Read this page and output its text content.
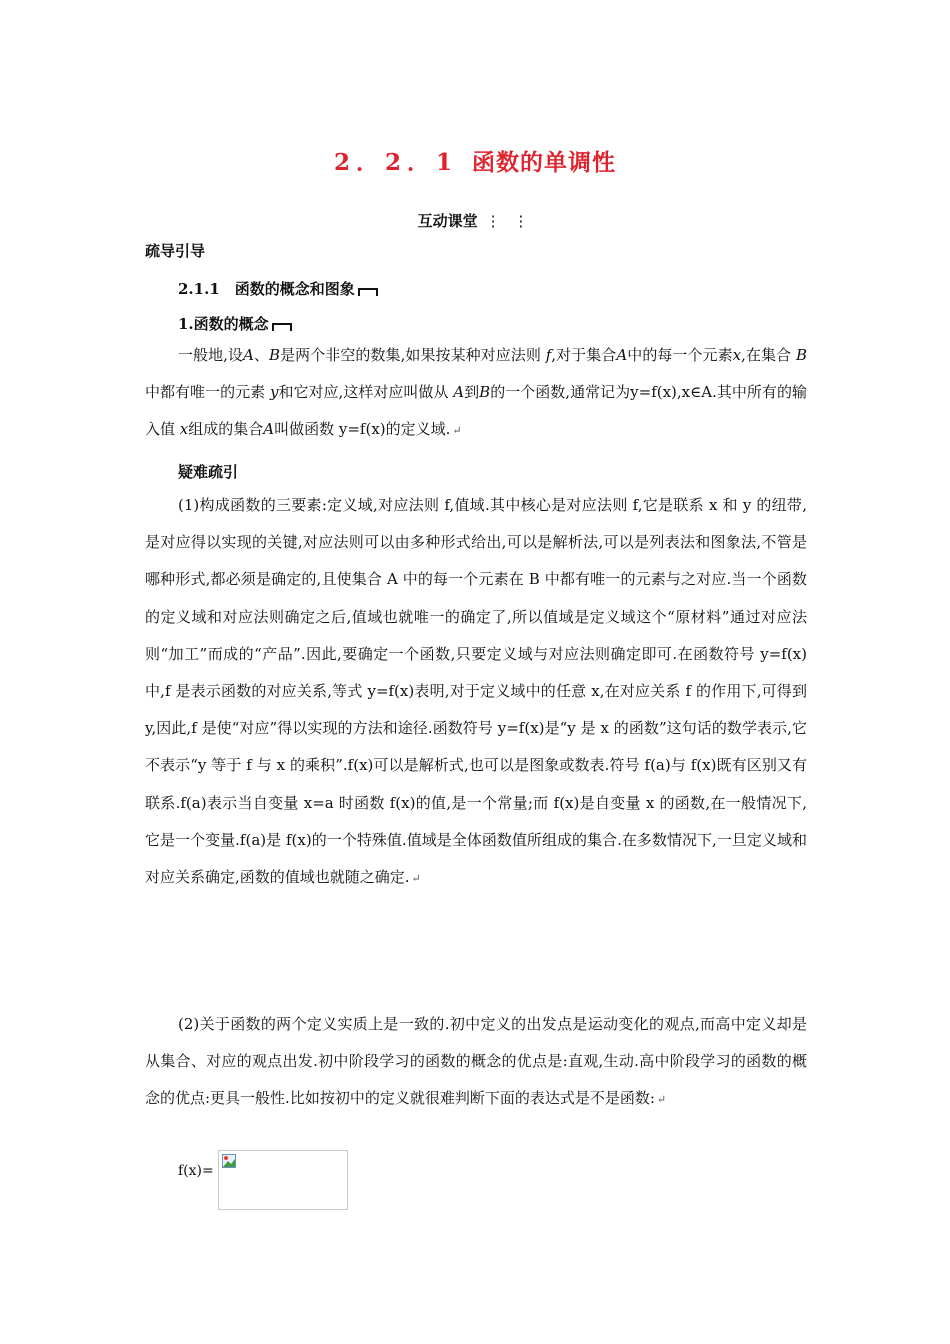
2．2．1 函数的单调性
互动课堂 ⋮ ⋮
疏导引导
2.1.1　函数的概念和图象
1.函数的概念

一般地,设A、B是两个非空的数集,如果按某种对应法则 f,对于集合A中的每一个元素x,在集合 B中都有唯一的元素 y和它对应,这样对应叫做从 A到B的一个函数,通常记为y=f(x),x∈A.其中所有的输入值 x组成的集合A叫做函数 y=f(x)的定义域. ↵

疑难疏引

(1)构成函数的三要素:定义域,对应法则 f,值域.其中核心是对应法则 f,它是联系 x 和 y 的纽带,是对应得以实现的关键,对应法则可以由多种形式给出,可以是解析法,可以是列表法和图象法,不管是哪种形式,都必须是确定的,且使集合 A 中的每一个元素在 B 中都有唯一的元素与之对应.当一个函数的定义域和对应法则确定之后,值域也就唯一的确定了,所以值域是定义域这个“原材料”通过对应法则“加工”而成的“产品”.因此,要确定一个函数,只要定义域与对应法则确定即可.在函数符号 y=f(x)中,f 是表示函数的对应关系,等式 y=f(x)表明,对于定义域中的任意 x,在对应关系 f 的作用下,可得到 y,因此,f 是使“对应”得以实现的方法和途径.函数符号 y=f(x)是“y 是 x 的函数”这句话的数学表示,它不表示“y 等于 f 与 x 的乘积”.f(x)可以是解析式,也可以是图象或数表.符号 f(a)与 f(x)既有区别又有联系.f(a)表示当自变量 x=a 时函数 f(x)的值,是一个常量;而 f(x)是自变量 x 的函数,在一般情况下,它是一个变量.f(a)是 f(x)的一个特殊值.值域是全体函数值所组成的集合.在多数情况下,一旦定义域和对应关系确定,函数的值域也就随之确定. ↵

(2)关于函数的两个定义实质上是一致的.初中定义的出发点是运动变化的观点,而高中定义却是从集合、对应的观点出发.初中阶段学习的函数的概念的优点是:直观,生动.高中阶段学习的函数的概念的优点:更具一般性.比如按初中的定义就很难判断下面的表达式是不是函数: ↵

f(x)=
